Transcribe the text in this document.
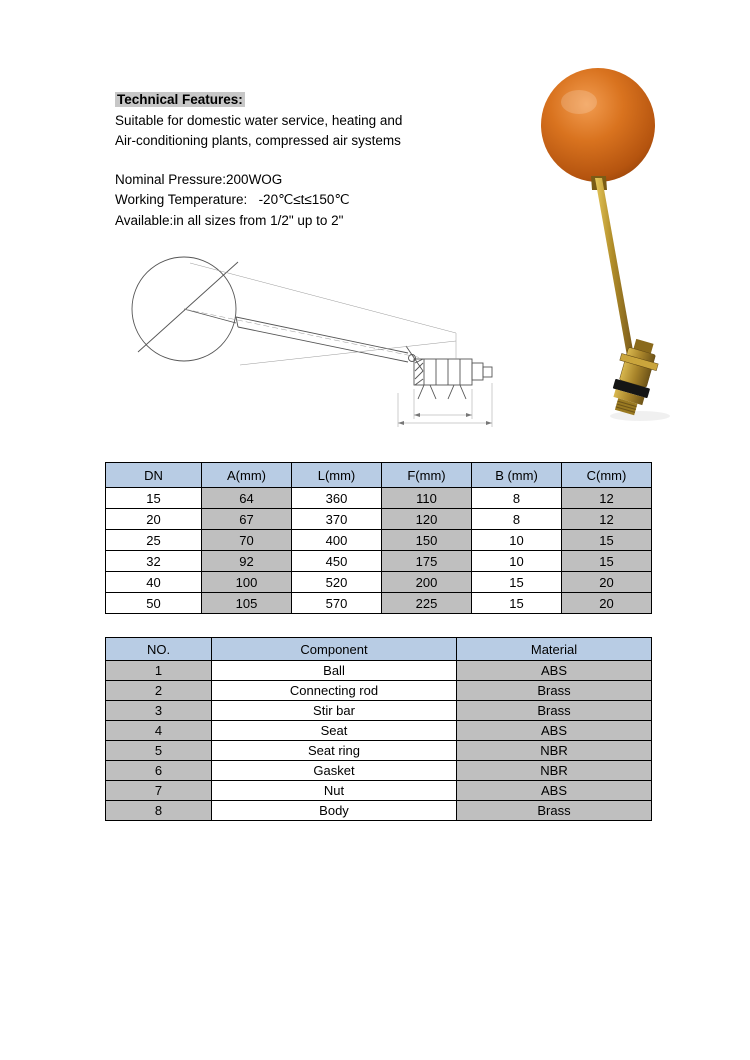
Technical Features:

Suitable for domestic water service, heating and

Air-conditioning plants, compressed air systems

Nominal Pressure:200WOG

Working Temperature:   -20℃≤t≤150℃

Available:in all sizes from 1/2" up to 2"

DN	A(mm)	L(mm)	F(mm)	B (mm)	C(mm)
15	64	360	110	8	12
20	67	370	120	8	12
25	70	400	150	10	15
32	92	450	175	10	15
40	100	520	200	15	20
50	105	570	225	15	20
NO.	Component	Material
1	Ball	ABS
2	Connecting rod	Brass
3	Stir bar	Brass
4	Seat	ABS
5	Seat ring	NBR
6	Gasket	NBR
7	Nut	ABS
8	Body	Brass
